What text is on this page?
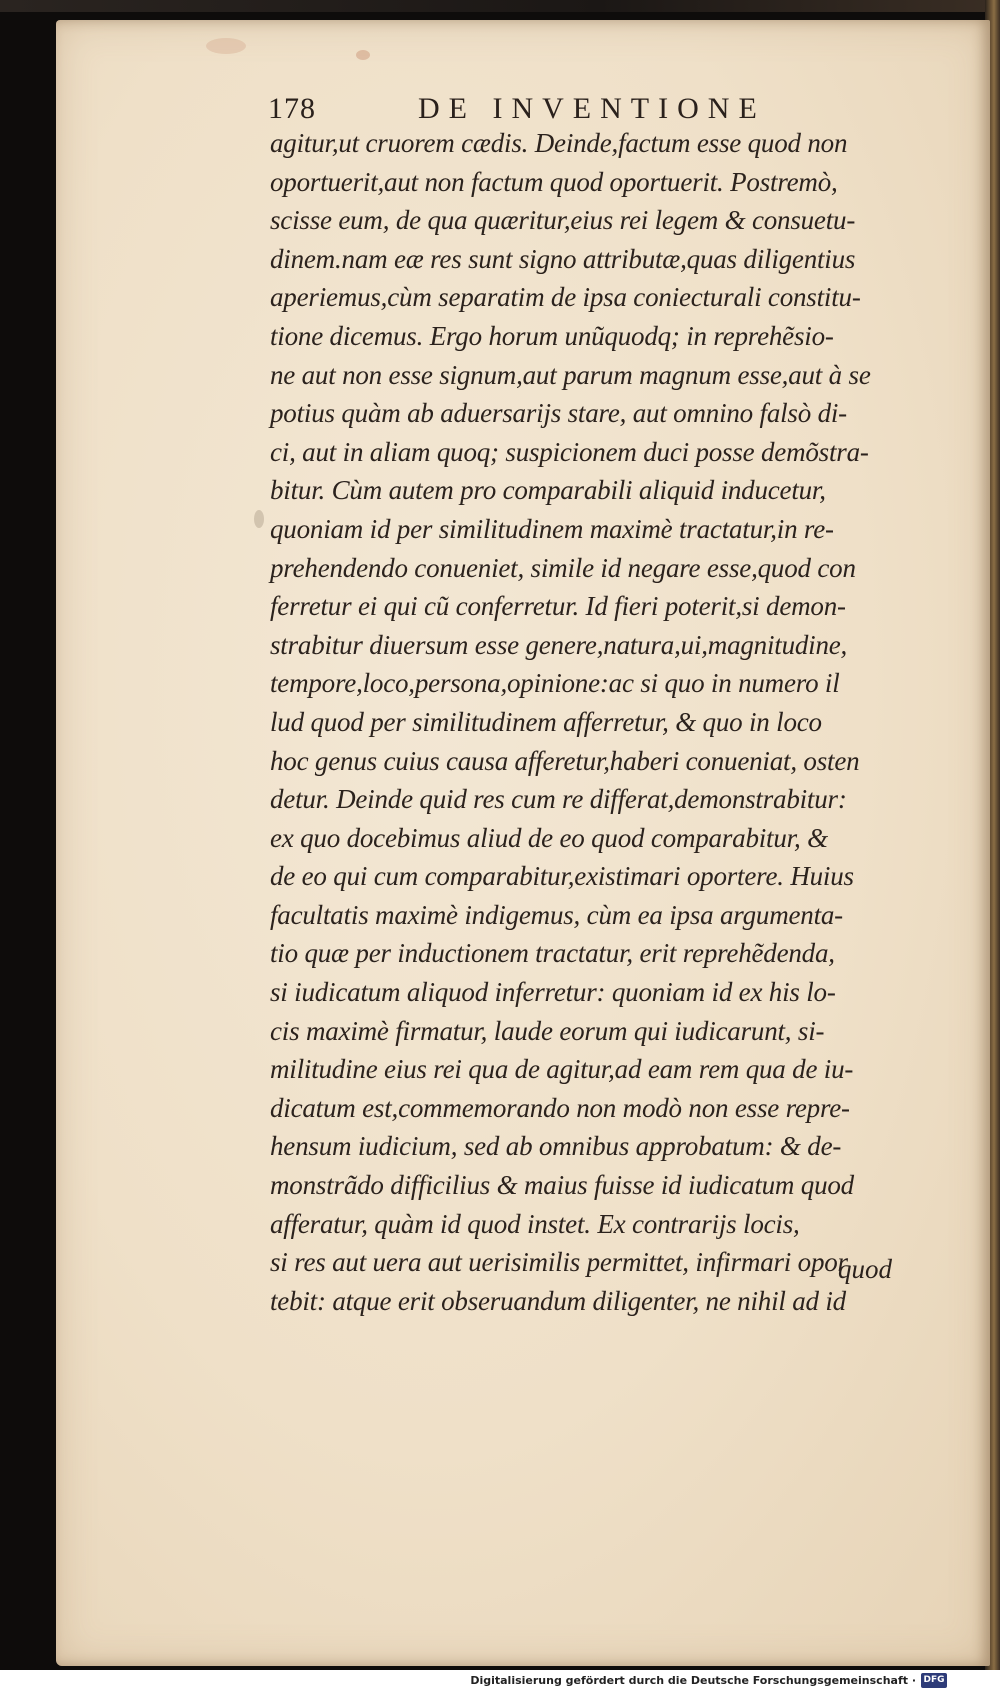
178	DE INVENTIONE
agitur,ut cruorem cædis. Deinde,factum esse quod non
oportuerit,aut non factum quod oportuerit. Postremò,
scisse eum, de qua quæritur,eius rei legem & consuetu-
dinem.nam eæ res sunt signo attributæ,quas diligentius
aperiemus,cùm separatim de ipsa coniecturali constitu-
tione dicemus. Ergo horum unũquodq; in reprehẽsio-
ne aut non esse signum,aut parum magnum esse,aut à se
potius quàm ab aduersarijs stare, aut omnino falsò di-
ci, aut in aliam quoq; suspicionem duci posse demõstra-
bitur. Cùm autem pro comparabili aliquid inducetur,
quoniam id per similitudinem maximè tractatur,in re-
prehendendo conueniet, simile id negare esse,quod con
ferretur ei qui cũ conferretur. Id fieri poterit,si demon-
strabitur diuersum esse genere,natura,ui,magnitudine,
tempore,loco,persona,opinione:ac si quo in numero il
lud quod per similitudinem afferretur, & quo in loco
hoc genus cuius causa afferetur,haberi conueniat, osten
detur. Deinde quid res cum re differat,demonstrabitur:
ex quo docebimus aliud de eo quod comparabitur, &
de eo qui cum comparabitur,existimari oportere. Huius
facultatis maximè indigemus, cùm ea ipsa argumenta-
tio quæ per inductionem tractatur, erit reprehẽdenda,
si iudicatum aliquod inferretur: quoniam id ex his lo-
cis maximè firmatur, laude eorum qui iudicarunt, si-
militudine eius rei qua de agitur,ad eam rem qua de iu-
dicatum est,commemorando non modò non esse repre-
hensum iudicium, sed ab omnibus approbatum: & de-
monstrãdo difficilius & maius fuisse id iudicatum quod
afferatur, quàm id quod instet. Ex contrarijs locis,
si res aut uera aut uerisimilis permittet, infirmari opor
tebit: atque erit obseruandum diligenter, ne nihil ad id
quod
Digitalisierung gefördert durch die Deutsche Forschungsgemeinschaft · DFG
